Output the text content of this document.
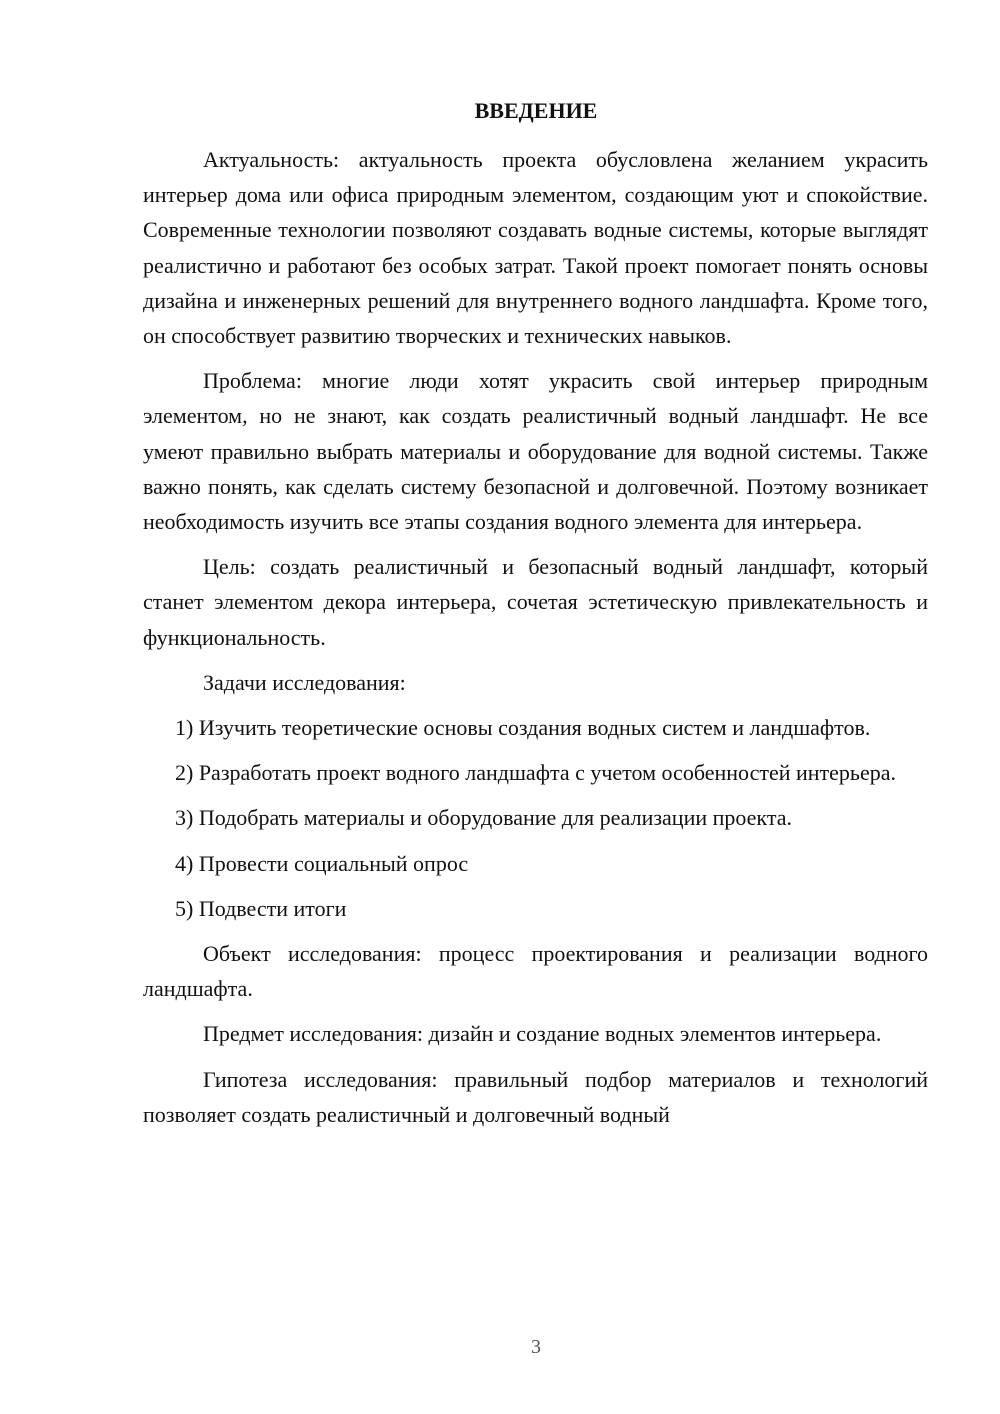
ВВЕДЕНИЕ

Актуальность: актуальность проекта обусловлена желанием украсить интерьер дома или офиса природным элементом, создающим уют и спокойствие. Современные технологии позволяют создавать водные системы, которые выглядят реалистично и работают без особых затрат. Такой проект помогает понять основы дизайна и инженерных решений для внутреннего водного ландшафта. Кроме того, он способствует развитию творческих и технических навыков.

Проблема: многие люди хотят украсить свой интерьер природным элементом, но не знают, как создать реалистичный водный ландшафт. Не все умеют правильно выбрать материалы и оборудование для водной системы. Также важно понять, как сделать систему безопасной и долговечной. Поэтому возникает необходимость изучить все этапы создания водного элемента для интерьера.

Цель: создать реалистичный и безопасный водный ландшафт, который станет элементом декора интерьера, сочетая эстетическую привлекательность и функциональность.

Задачи исследования:

1) Изучить теоретические основы создания водных систем и ландшафтов.

2) Разработать проект водного ландшафта с учетом особенностей интерьера.

3) Подобрать материалы и оборудование для реализации проекта.

4) Провести социальный опрос

5) Подвести итоги

Объект исследования: процесс проектирования и реализации водного ландшафта.

Предмет исследования: дизайн и создание водных элементов интерьера.

Гипотеза исследования: правильный подбор материалов и технологий позволяет создать реалистичный и долговечный водный

3
